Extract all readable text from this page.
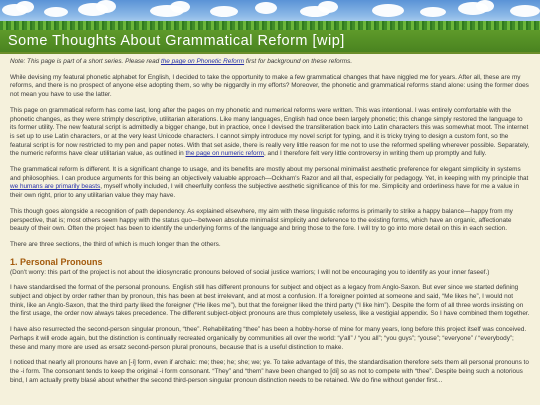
Some Thoughts About Grammatical Reform [wip]

Note: This page is part of a short series. Please read the page on Phonetic Reform first for background on these reforms.

While devising my featural phonetic alphabet for English, I decided to take the opportunity to make a few grammatical changes that have niggled me for years. After all, these are my reforms, and there is no prospect of anyone else adopting them, so why be niggardly in my efforts? Moreover, the phonetic and grammatical reforms stand alone: using the former does not mean you have to use the latter.

This page on grammatical reform has come last, long after the pages on my phonetic and numerical reforms were written. This was intentional. I was entirely comfortable with the phonetic changes, as they were strimply descriptive, utilitarian alterations. Like many languages, English had once been largely phonetic; this change simply restored the language to its former utility. The new featural script is admittedly a bigger change, but in practice, once I devised the transliteration back into Latin characters this was somewhat moot. The internet is set up to use Latin characters, or at the very least Unicode characters. I cannot simply introduce my novel script for typing, and it is tricky trying to design a custom font, so the featural script is for now restricted to my pen and paper notes. With that set aside, there is really very little reason for me not to use the reformed spelling wherever possible. Separately, the numeric reforms have clear utilitarian value, as outlined in the page on numeric reform, and I therefore felt very little controversy in writing them up promptly and fully.

The grammatical reform is different. It is a significant change to usage, and its benefits are mostly about my personal minimalist aesthetic preference for elegant simplicity in systems and philosophies. I can produce arguments for this being an objectively valuable approach—Ockham's Razor and all that, especially for pedagogy. Yet, in keeping with my principle that we humans are primarily beasts, myself wholly included, I will cheerfully confess the subjective aesthetic significance of this for me. Simplicity and orderliness have for me a value in their own right, prior to any utilitarian value they may have.

This though goes alongside a recognition of path dependency. As explained elsewhere, my aim with these linguistic reforms is primarily to strike a happy balance—happy from my perspective, that is; most others seem happy with the status quo—between absolute minimalist simplicity and deference to the existing forms, which have an organic, affectionate beauty of their own. Often the project has been to identify the underlying forms of the language and bring those to the fore. I will try to go into more detail on this in each section.

There are three sections, the third of which is much longer than the others.

1. Personal Pronouns

(Don't worry: this part of the project is not about the idiosyncratic pronouns beloved of social justice warriors; I will not be encouraging you to identify as your inner faseef.)

I have standardised the format of the personal pronouns. English still has different pronouns for subject and object as a legacy from Anglo-Saxon. But ever since we started defining subject and object by order rather than by pronoun, this has been at best irrelevant, and at most a confusion. If a foreigner pointed at someone and said, “Me likes he”, I would not think, like an Anglo-Saxon, that the third party liked the foreigner (“He likes me”), but that the foreigner liked the third party (“I like him”). Despite the form of all three words insisting on the first usage, the order now always takes precedence. The different subject-object pronouns are thus completely useless, like a vestigial appendix. So I have combined them together.

I have also resurrected the second-person singular pronoun, “thee”. Rehabilitating “thee” has been a hobby-horse of mine for many years, long before this project itself was conceived. Perhaps it will erode again, but the distinction is continually recreated organically by communities all over the world: “y'all” / “you all”; “you guys”; “youse”; “everyone” / “everybody”; these and many more are used as ersatz second-person plural pronouns, because that is a useful distinction to make.

I noticed that nearly all pronouns have an [-i] form, even if archaic: me; thee; he; she; we; ye. To take advantage of this, the standardisation therefore sets them all personal pronouns to the -i form. The consonant tends to keep the original -i form consonant. “They” and “them” have been changed to [di] so as not to compete with “thee”. Despite being such a notorious bind, I am actually pretty blasé about whether the second third-person singular pronoun distinction needs to be retained. We do fine without gender first...
